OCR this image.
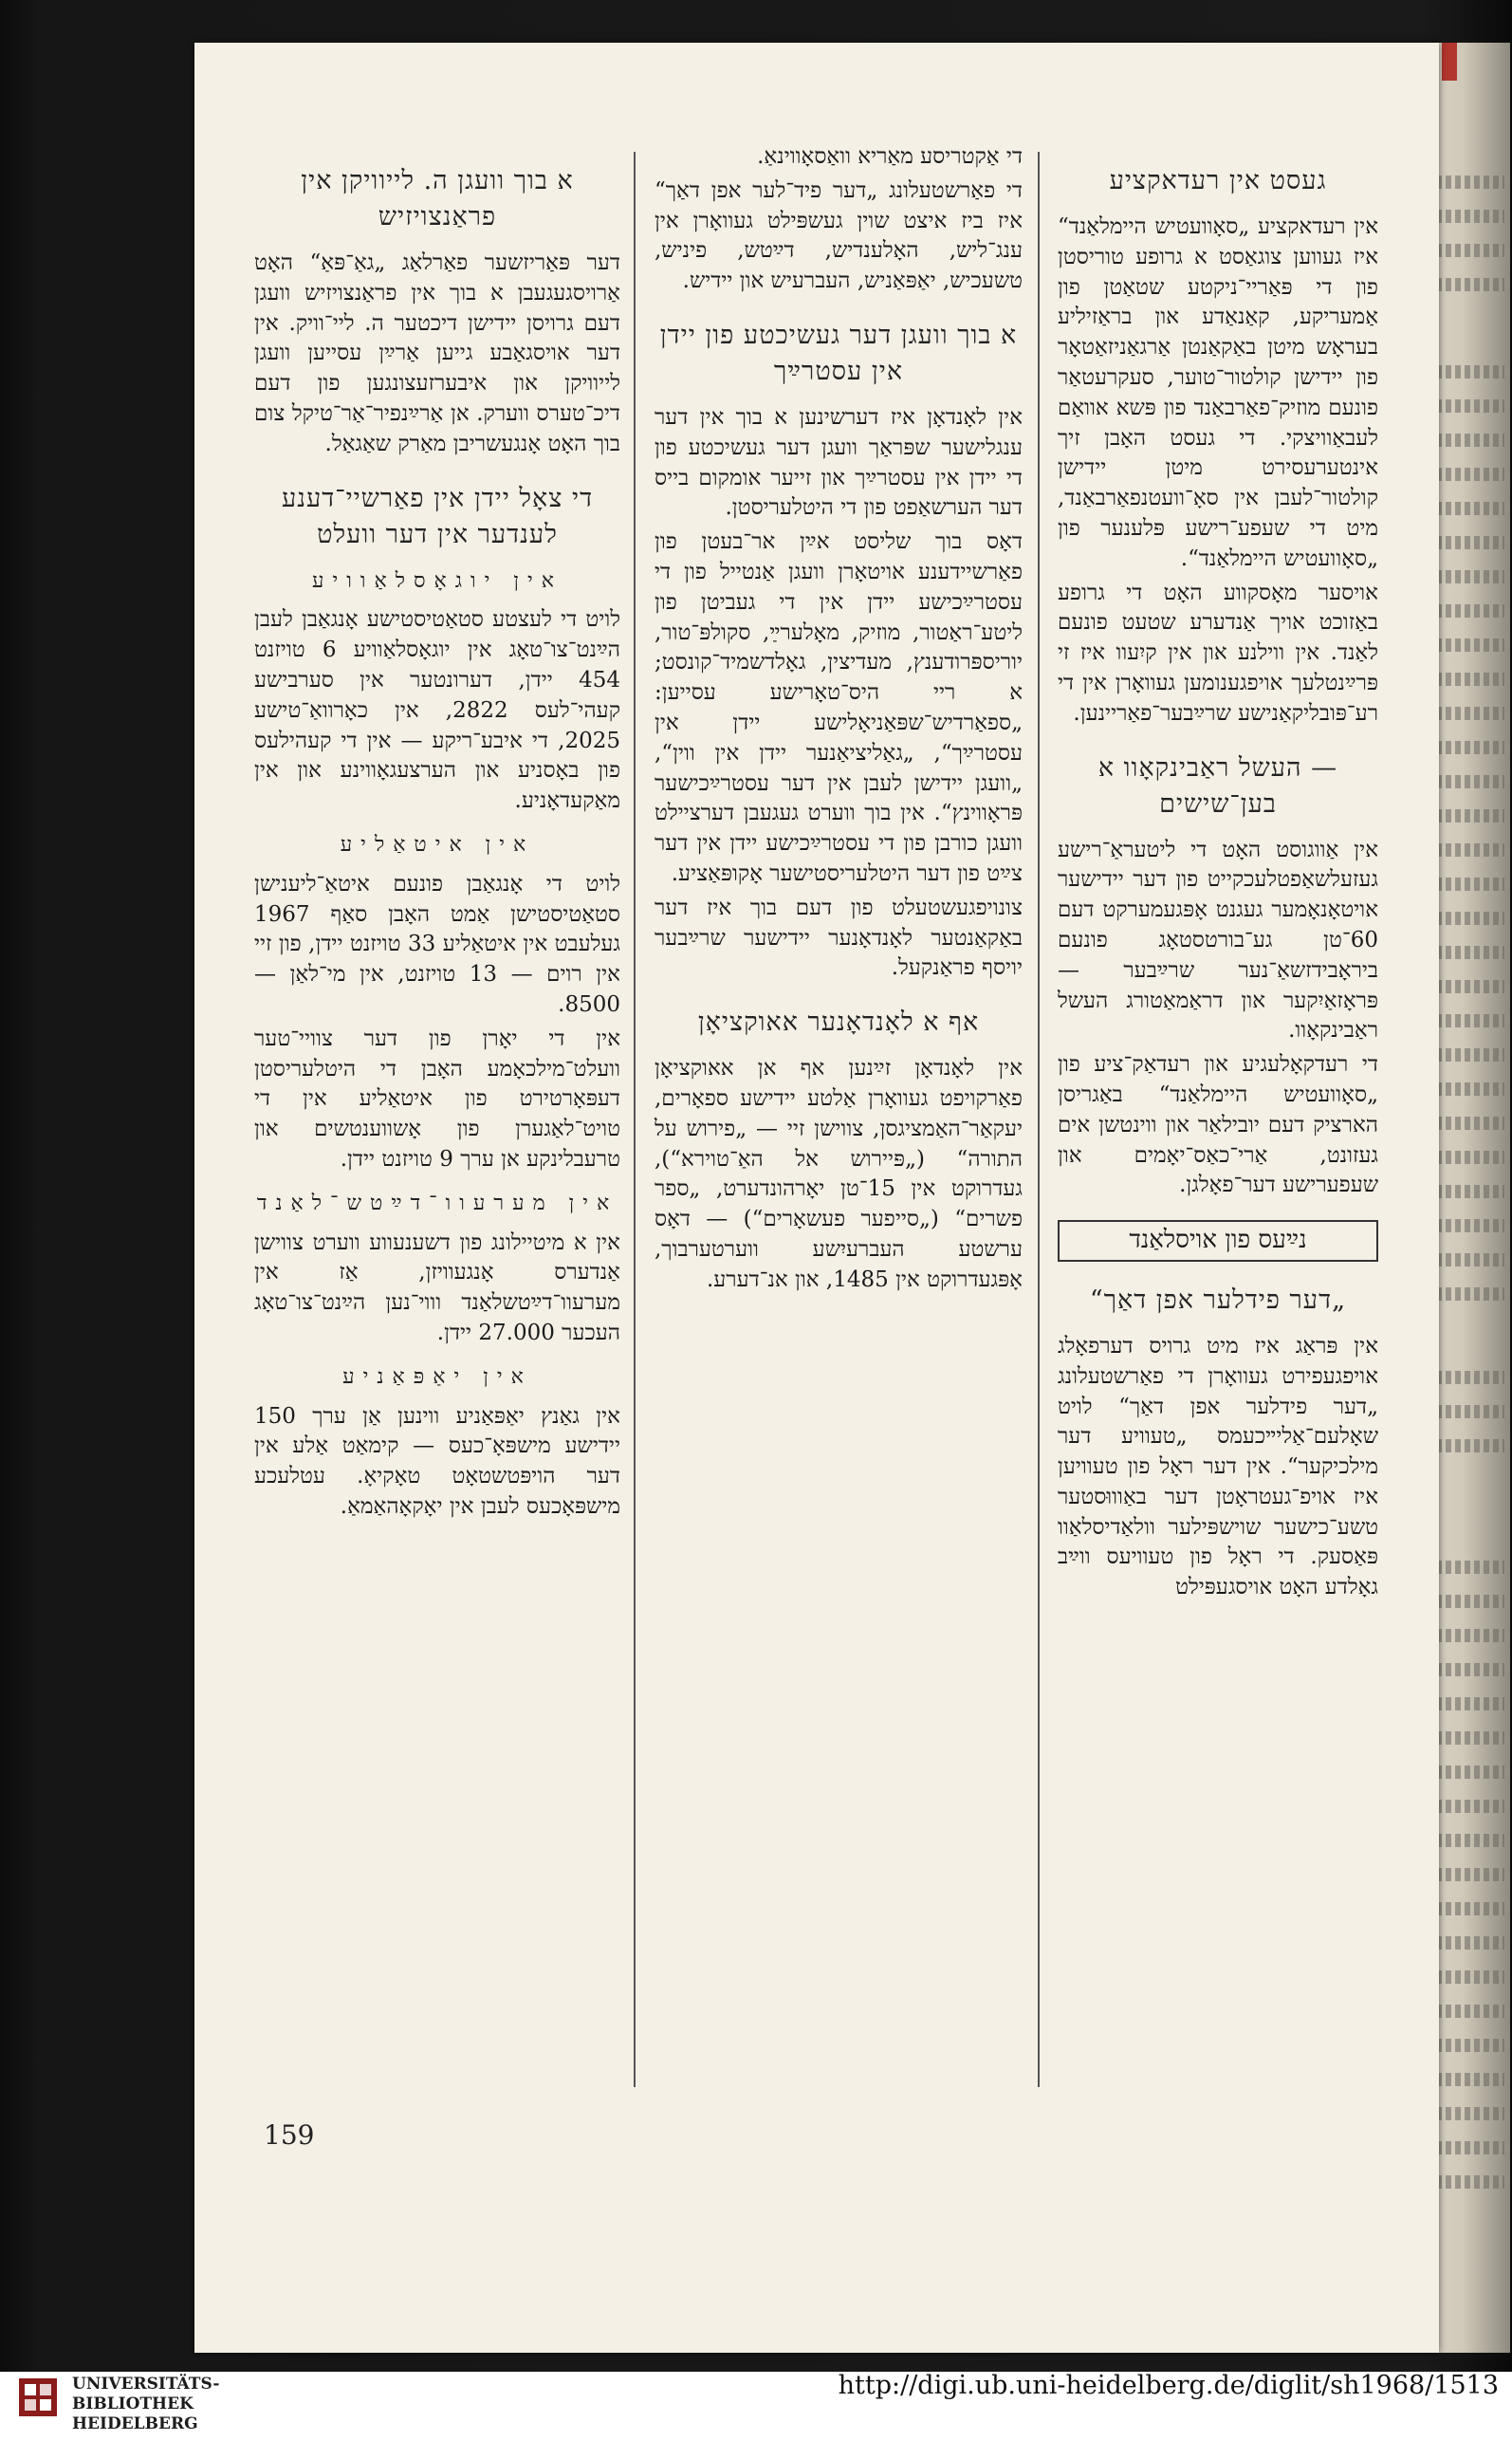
געסט אין רעדאקציע

אין רעדאקציע „סאָוועטיש היימלאַנד“ איז געווען צוגאַסט א גרופע טוריסטן פון די פּאַריי־ניקטע שטאַטן פון אַמעריקע, קאַנאַדע און בראַזיליע בעראָש מיטן באַקאַנטן אַרגאַניזאַטאָר פון יידישן קולטור־טוער, סעקרעטאַר פונעם מוזיק־פאַרבאַנד פון פּשא אוואַם לעבאַוויצקי. די געסט האָבן זיך אינטערעסירט מיטן יידישן קולטור־לעבן אין סאָ־וועטנפאַרבאַנד, מיט די שעפע־רישע פּלענער פון „סאָוועטיש היימלאַנד“.

אויסער מאָסקווע האָט די גרופע באַזוכט אויך אַנדערע שטעט פונעם לאַנד. אין ווילנע און אין קיִעוו איז זי פּרײַנטלעך אויפגענומען געוואָרן אין די רע־פּובליקאַנישע שרײַבער־פאַריינען.

— העשל ראַבינקאָוו א בען־שישים

אין אַווגוסט האָט די ליטעראַ־רישע געזעלשאַפטלעכקייט פון דער יידישער אויטאָנאָמער געגנט אָפּגעמערקט דעם 60־טן גע־בורטסטאָג פונעם ביראָבידזשאַ־נער שרײַבער — פּראָזאַיִקער און דראַמאַטורג העשל ראַבינקאָוו.

די רעדקאָלעגיע און רעדאַק־ציע פון „סאָוועטיש היימלאַנד“ באַגריסן הארציק דעם יובילאַר און ווינטשן אים געזונט, אַרי־כאַס־יאָמים און שעפערישע דער־פאָלגן.

נײַעס פון אויסלאַנד
„דער פידלער אפן דאַך“

אין פּראַג איז מיט גרויס דערפאָלג אויפגעפירט געוואָרן די פאַרשטעלונג „דער פידלער אפן דאַך“ לויט שאָלעם־אַליײכעמס „טעוויע דער מילכיקער“. אין דער ראָל פון טעוויען איז אויפ־געטראָטן דער באַוווּסטער טשע־כישער שוישפּילער וולאַדיסלאַוו פּאַסעק. די ראָל פון טעוויעס ווײַב גאָלדע האָט אויסגעפּילט

די אַקטריסע מאַריא וואַסאָווינאַ.

די פאַרשטעלונג „דער פיד־לער אפן דאַך“ איז ביז איצט שוין געשפּילט געוואָרן אין ענג־ליש, האָלענדיש, דײַטש, פיניש, טשעכיש, יאַפּאַניש, העברעיש און יידיש.

א בוך וועגן דער געשיכטע פון יידן אין עסטרײַך

אין לאָנדאָן איז דערשינען א בוך אין דער ענגלישער שפּראַך וועגן דער געשיכטע פון די יידן אין עסטרײַך און זייער אומקום בייס דער הערשאַפט פון די היטלעריסטן.

דאָס בוך שליסט אײַן אר־בעטן פון פאַרשיידענע אויטאָרן וועגן אַנטייל פון די עסטרײַכישע יידן אין די געביטן פון ליטע־ראַטור, מוזיק, מאָלערײַ, סקולפּ־טור, יוריספּרודענץ, מעדיצין, גאָלדשמיד־קונסט; א ריי היס־טאָרישע עסייען: „ספאַרדיש־שפּאַניאָלישע יידן אין עסטרײַך“, „גאַליציאַנער יידן אין ווין“, „וועגן יידישן לעבן אין דער עסטרײַכישער פּראָווינץ“. אין בוך ווערט געגעבן דערציילט וועגן כורבן פון די עסטרײַכישע יידן אין דער צײַט פון דער היטלעריסטישער אָקופּאַציע.

צונויפגעשטעלט פון דעם בוך איז דער באַקאַנטער לאָנדאָנער יידישער שרײַבער יויסף פראַנקעל.

אף א לאָנדאָנער אאוקציאָן

אין לאָנדאָן זײַנען אף אן אאוקציאָן פאַרקויפט געוואָרן אַלטע יידישע ספאָרים, יעקאַר־האַמציגסן, צווישן זיי — „פירוש על התורה“ („פּיירוש אל האַ־טוירא“), געדרוקט אין 15־טן יאָרהונדערט, „ספר פשרים“ („סייפער פעשאָרים“) — דאָס ערשטע העברעיִשע ווערטערבוך, אָפּגעדרוקט אין 1485, און אנ־דערע.

א בוך וועגן ה. לייוויקן אין פראַנצויזיש

דער פּאַריזשער פאַרלאַג „גאַ־פּאַ“ האָט אַרויסגעגעבן א בוך אין פראַנצויזיש וועגן דעם גרויסן יידישן דיכטער ה. ליי־וויק. אין דער אויסגאַבע גייען אַרײַן עסייען וועגן לייוויקן און איבערזעצונגען פון דעם דיכ־טערס ווערק. אן אַרײַנפיר־אַר־טיקל צום בוך האָט אָנגעשריבן מאַרק שאַגאַל.

די צאָל יידן אין פאַרשיי־דענע לענדער אין דער וועלט
אין יוגאָסלאַוויע

לויט די לעצטע סטאַטיסטישע אָנגאַבן לעבן הײַנט־צו־טאָג אין יוגאָסלאַוויע 6 טויזנט 454 יידן, דערונטער אין סערבישע קעהי־לעס 2822, אין כאָרוואַ־טישע 2025, די איבע־ריקע — אין די קעהילעס פון באָסניע און הערצעגאָווינע און אין מאַקעדאָניע.

אין איטאַליע

לויט די אָנגאַבן פונעם איטאַ־ליענישן סטאַטיסטישן אַמט האָבן סאַף 1967 געלעבט אין איטאַליע 33 טויזנט יידן, פון זיי אין רוים — 13 טויזנט, אין מי־לאַן — 8500.

אין די יאָרן פון דער צוויי־טער וועלט־מילכאָמע האָבן די היטלעריסטן דעפּאָרטירט פון איטאַליע אין די טויט־לאַגערן פון אָשווענטשים און טרעבלינקע אן ערך 9 טויזנט יידן.

אין מערעוו־דײַטש־לאַנד

אין א מיטיילונג פון דשענעווע ווערט צווישן אַנדערס אָנגעוויזן, אַז אין מערעוו־דײַטשלאַנד וווי־נען הײַנט־צו־טאָג העכער 27.000 יידן.

אין יאַפּאַניע

אין גאַנץ יאַפּאַניע ווינען אַן ערך 150 יידישע מישפּאָ־כעס — קימאַט אַלע אין דער הויפּטשטאָט טאָקיאָ. עטלעכע מישפּאָכעס לעבן אין יאָקאָהאַמאַ.

159
UNIVERSITÄTS-
BIBLIOTHEK
HEIDELBERG
http://digi.ub.uni-heidelberg.de/diglit/sh1968/1513
